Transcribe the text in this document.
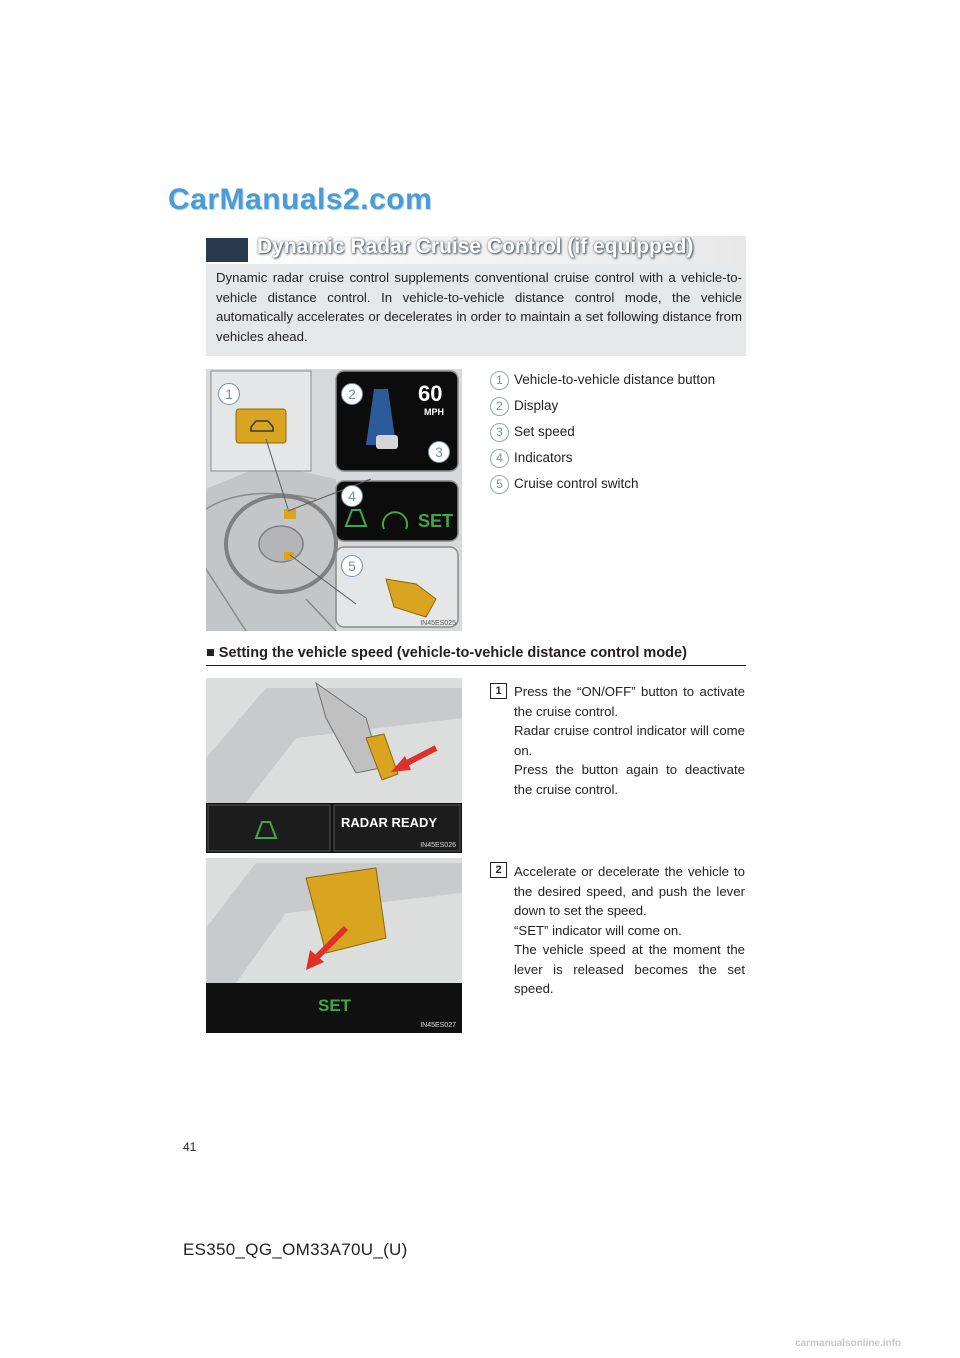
CarManuals2.com
Dynamic Radar Cruise Control (if equipped)
Dynamic radar cruise control supplements conventional cruise control with a vehicle-to-vehicle distance control. In vehicle-to-vehicle distance control mode, the vehicle automatically accelerates or decelerates in order to maintain a set following distance from vehicles ahead.
60
MPH
SET
1	2
3
4
5
IN45ES025
1 Vehicle-to-vehicle distance button
2 Display
3 Set speed
4 Indicators
5 Cruise control switch
■ Setting the vehicle speed (vehicle-to-vehicle distance control mode)
RADAR READY
IN45ES026
1 Press the “ON/OFF” button to activate the cruise control.

Radar cruise control indicator will come on.

Press the button again to deactivate the cruise control.

SET
IN45ES027
2 Accelerate or decelerate the vehicle to the desired speed, and push the lever down to set the speed.

“SET” indicator will come on.

The vehicle speed at the moment the lever is released becomes the set speed.

41
ES350_QG_OM33A70U_(U)
carmanualsonline.info
